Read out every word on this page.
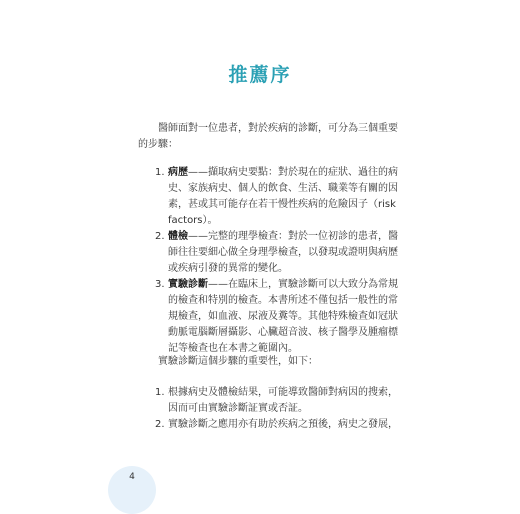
推薦序

醫師面對一位患者，對於疾病的診斷，可分為三個重要的步驟：

1. 病歷——擷取病史要點：對於現在的症狀、過往的病史、家族病史、個人的飲食、生活、職業等有關的因素，甚或其可能存在若干慢性疾病的危險因子（risk factors）。
2. 體檢——完整的理學檢查：對於一位初診的患者，醫師往往要細心做全身理學檢查，以發現或證明與病歷或疾病引發的異常的變化。
3. 實驗診斷——在臨床上，實驗診斷可以大致分為常規的檢查和特別的檢查。本書所述不僅包括一般性的常規檢查，如血液、尿液及糞等。其他特殊檢查如冠狀動脈電腦斷層攝影、心臟超音波、核子醫學及腫瘤標記等檢查也在本書之範圍內。

實驗診斷這個步驟的重要性，如下：

1. 根據病史及體檢結果，可能導致醫師對病因的搜索，因而可由實驗診斷証實或否証。
2. 實驗診斷之應用亦有助於疾病之預後，病史之發展，
4
